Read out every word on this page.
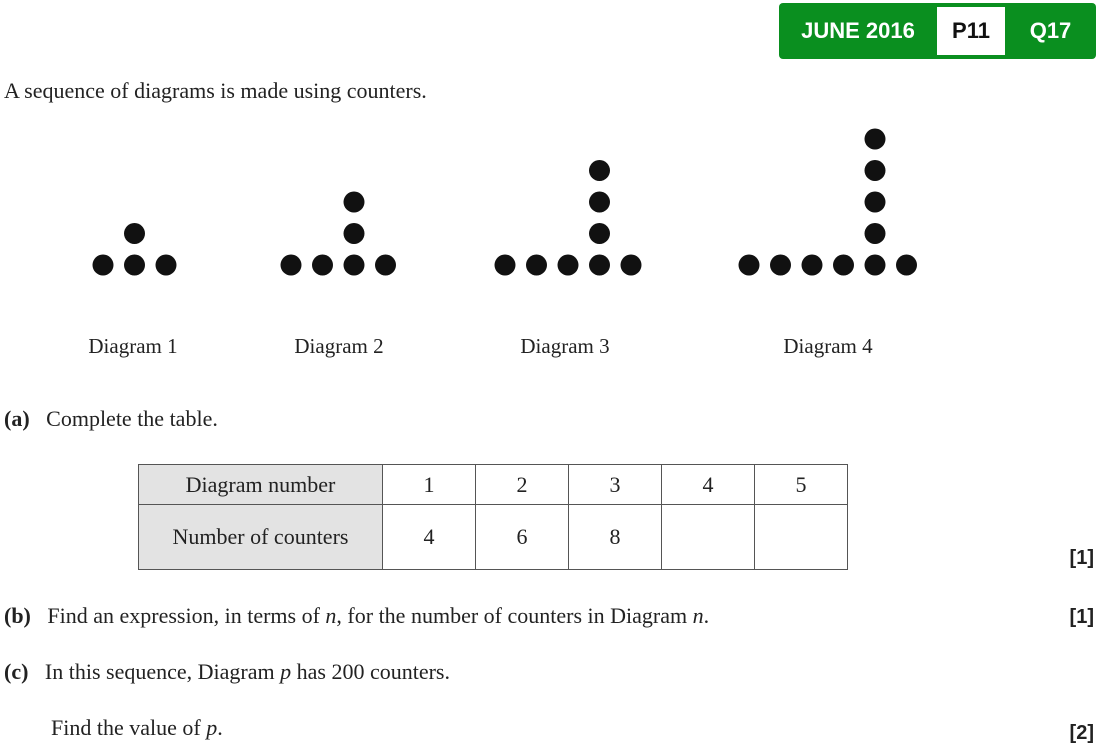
JUNE 2016	P11	Q17
A sequence of diagrams is made using counters.
Diagram 1	Diagram 2	Diagram 3	Diagram 4
(a) Complete the table.
Diagram number	1	2	3	4	5
Number of counters	4	6	8		
[1]
(b) Find an expression, in terms of n, for the number of counters in Diagram n.	[1]
(c) In this sequence, Diagram p has 200 counters.
Find the value of p.	[2]
